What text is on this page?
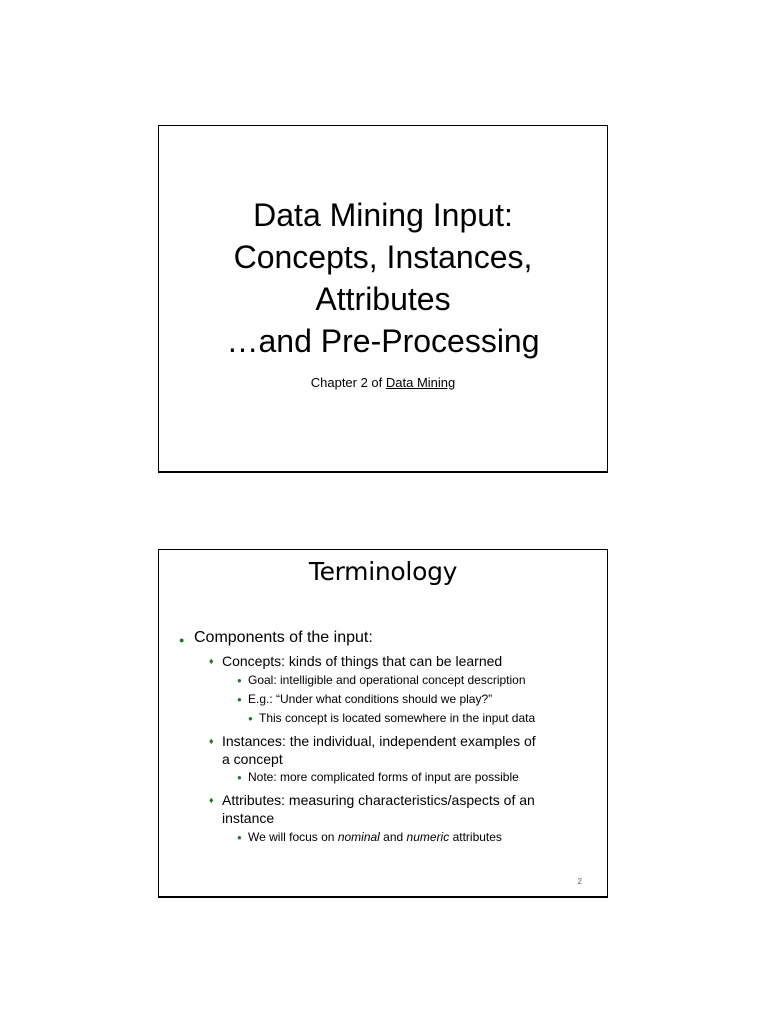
Data Mining Input:
Concepts, Instances,
Attributes
…and Pre-Processing
Chapter 2 of Data Mining
Terminology
● Components of the input:
♦ Concepts: kinds of things that can be learned
● Goal: intelligible and operational concept description
● E.g.: “Under what conditions should we play?”
● This concept is located somewhere in the input data
♦ Instances: the individual, independent examples of
a concept
● Note: more complicated forms of input are possible
♦ Attributes: measuring characteristics/aspects of an
instance
● We will focus on nominal and numeric attributes
2
